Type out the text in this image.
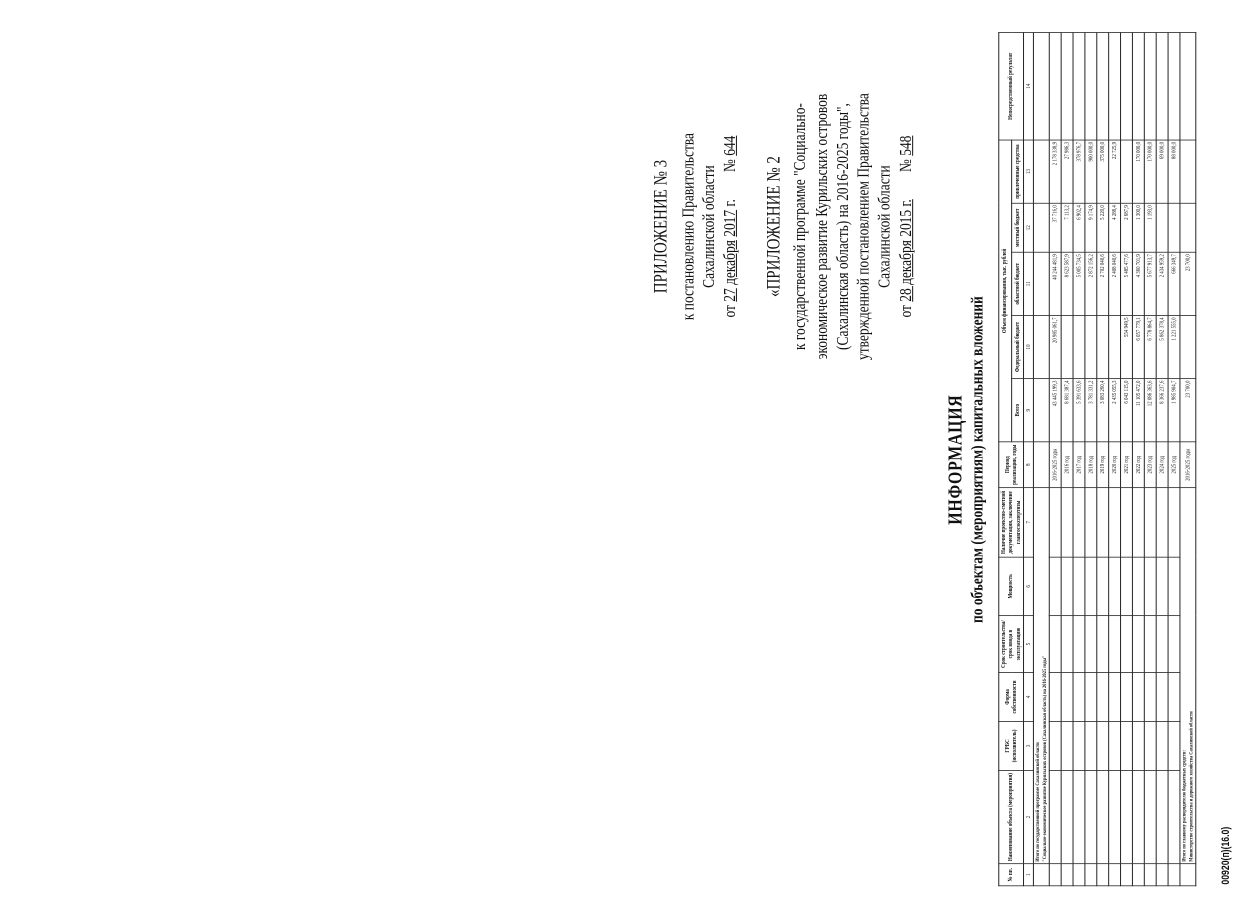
ПРИЛОЖЕНИЕ № 3 к постановлению Правительства Сахалинской области
от 27 декабря 2017 г.  № 644
«ПРИЛОЖЕНИЕ № 2 к государственной программе "Социально- экономическое развитие Курильских островов (Сахалинская область) на 2016-2025 годы", утвержденной постановлением Правительства Сахалинской области
от 28 декабря 2015 г.  № 548
ИНФОРМАЦИЯ по объектам (мероприятиям) капитальных вложений
№ пп.	Наименование объекта (мероприятия)	ГРБС (исполнитель)	Форма собственности	Срок строительства/срок ввода в эксплуатацию	Мощность	Наличие проектно-сметной документации, заключение главгосэкспертизы	Период реализации, годы	Объем финансирования, тыс. рублей					Непосредственный результат
								Всего	Федеральный бюджет	областной бюджет	местный бюджет	привлеченные средства	
1	2	3	4	5	6	7	8	9	10	11	12	13	14

	Итого по государственной программе Сахалинской области "Социально-экономическое развитие Курильских островов (Сахалинская область) на 2016-2025 годы"												

							2016-2025 годы	43 445 199,3	20 985 061,7	40 244 481,9	37 716,0	2 178 338,9	
							2016 год	8 681 387,4		8 623 587,9	7 113,2	27 986,3	
							2017 год	5 391 633,6		5 005 734,5	6 902,4	378 976,7	
							2018 год	3 781 331,2		2 872 156,2	9 174,9	900 000,0	
							2019 год	3 083 260,4		2 702 040,6	5 220,0	375 000,0	
							2020 год	2 435 055,3		2 408 040,6	4 288,4	22 725,9	
							2021 год	6 043 115,0	554 949,5	5 485 477,6	2 687,9		
							2022 год	11 105 472,0	6 057 779,1	4 360 701,9	1 300,0	170 000,0	
							2023 год	12 086 363,6	6 778 864,7	5 677 913,7	1 193,0	170 000,0	
							2024 год	8 366 237,6	5 862 378,4	2 434 959,2		69 000,0	
							2025 год	1 985 904,7	1 221 555,0	666 349,7		88 000,0	

	Итого по главному распорядителю бюджетных средств: Министерство строительства и дорожного хозяйства Сахалинской области						2016-2025 годы	23 700,0		23 700,0			
00920(п)(16.0)
